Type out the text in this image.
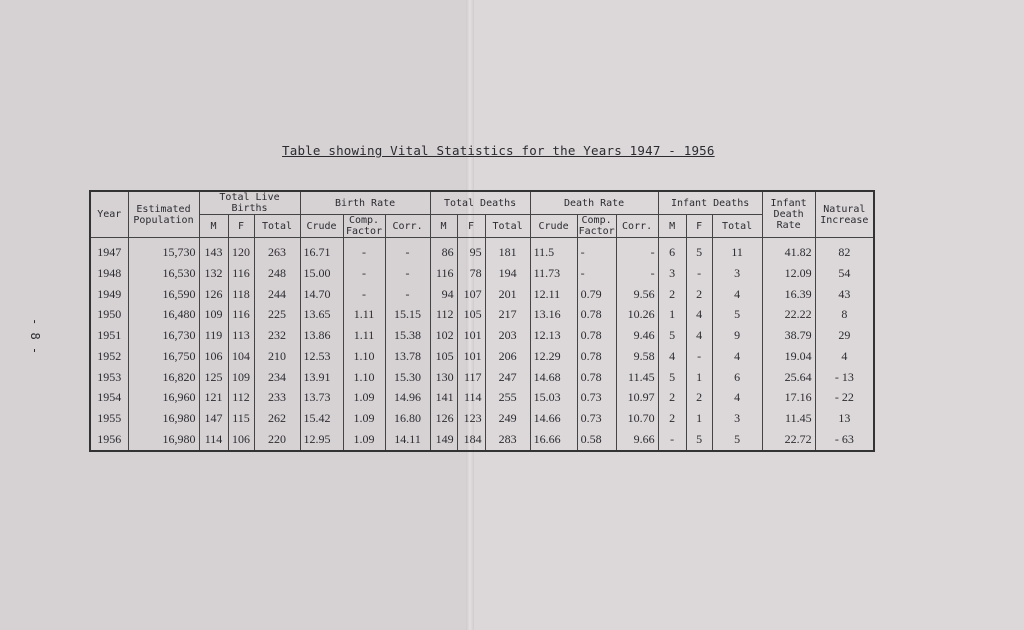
- 8 -
Table showing Vital Statistics for the Years 1947 - 1956
Year	Estimated Population	Total Live Births			Birth Rate			Total Deaths			Death Rate			Infant Deaths			Infant Death Rate	Natural Increase
		M	F	Total	Crude	Comp. Factor	Corr.	M	F	Total	Crude	Comp. Factor	Corr.	M	F	Total		
1947	15,730	143	120	263	16.71	-	-	86	95	181	11.5	-	-	6	5	11	41.82	82
1948	16,530	132	116	248	15.00	-	-	116	78	194	11.73	-	-	3	-	3	12.09	54
1949	16,590	126	118	244	14.70	-	-	94	107	201	12.11	0.79	9.56	2	2	4	16.39	43
1950	16,480	109	116	225	13.65	1.11	15.15	112	105	217	13.16	0.78	10.26	1	4	5	22.22	8
1951	16,730	119	113	232	13.86	1.11	15.38	102	101	203	12.13	0.78	9.46	5	4	9	38.79	29
1952	16,750	106	104	210	12.53	1.10	13.78	105	101	206	12.29	0.78	9.58	4	-	4	19.04	4
1953	16,820	125	109	234	13.91	1.10	15.30	130	117	247	14.68	0.78	11.45	5	1	6	25.64	- 13
1954	16,960	121	112	233	13.73	1.09	14.96	141	114	255	15.03	0.73	10.97	2	2	4	17.16	- 22
1955	16,980	147	115	262	15.42	1.09	16.80	126	123	249	14.66	0.73	10.70	2	1	3	11.45	13
1956	16,980	114	106	220	12.95	1.09	14.11	149	184	283	16.66	0.58	9.66	-	5	5	22.72	- 63
